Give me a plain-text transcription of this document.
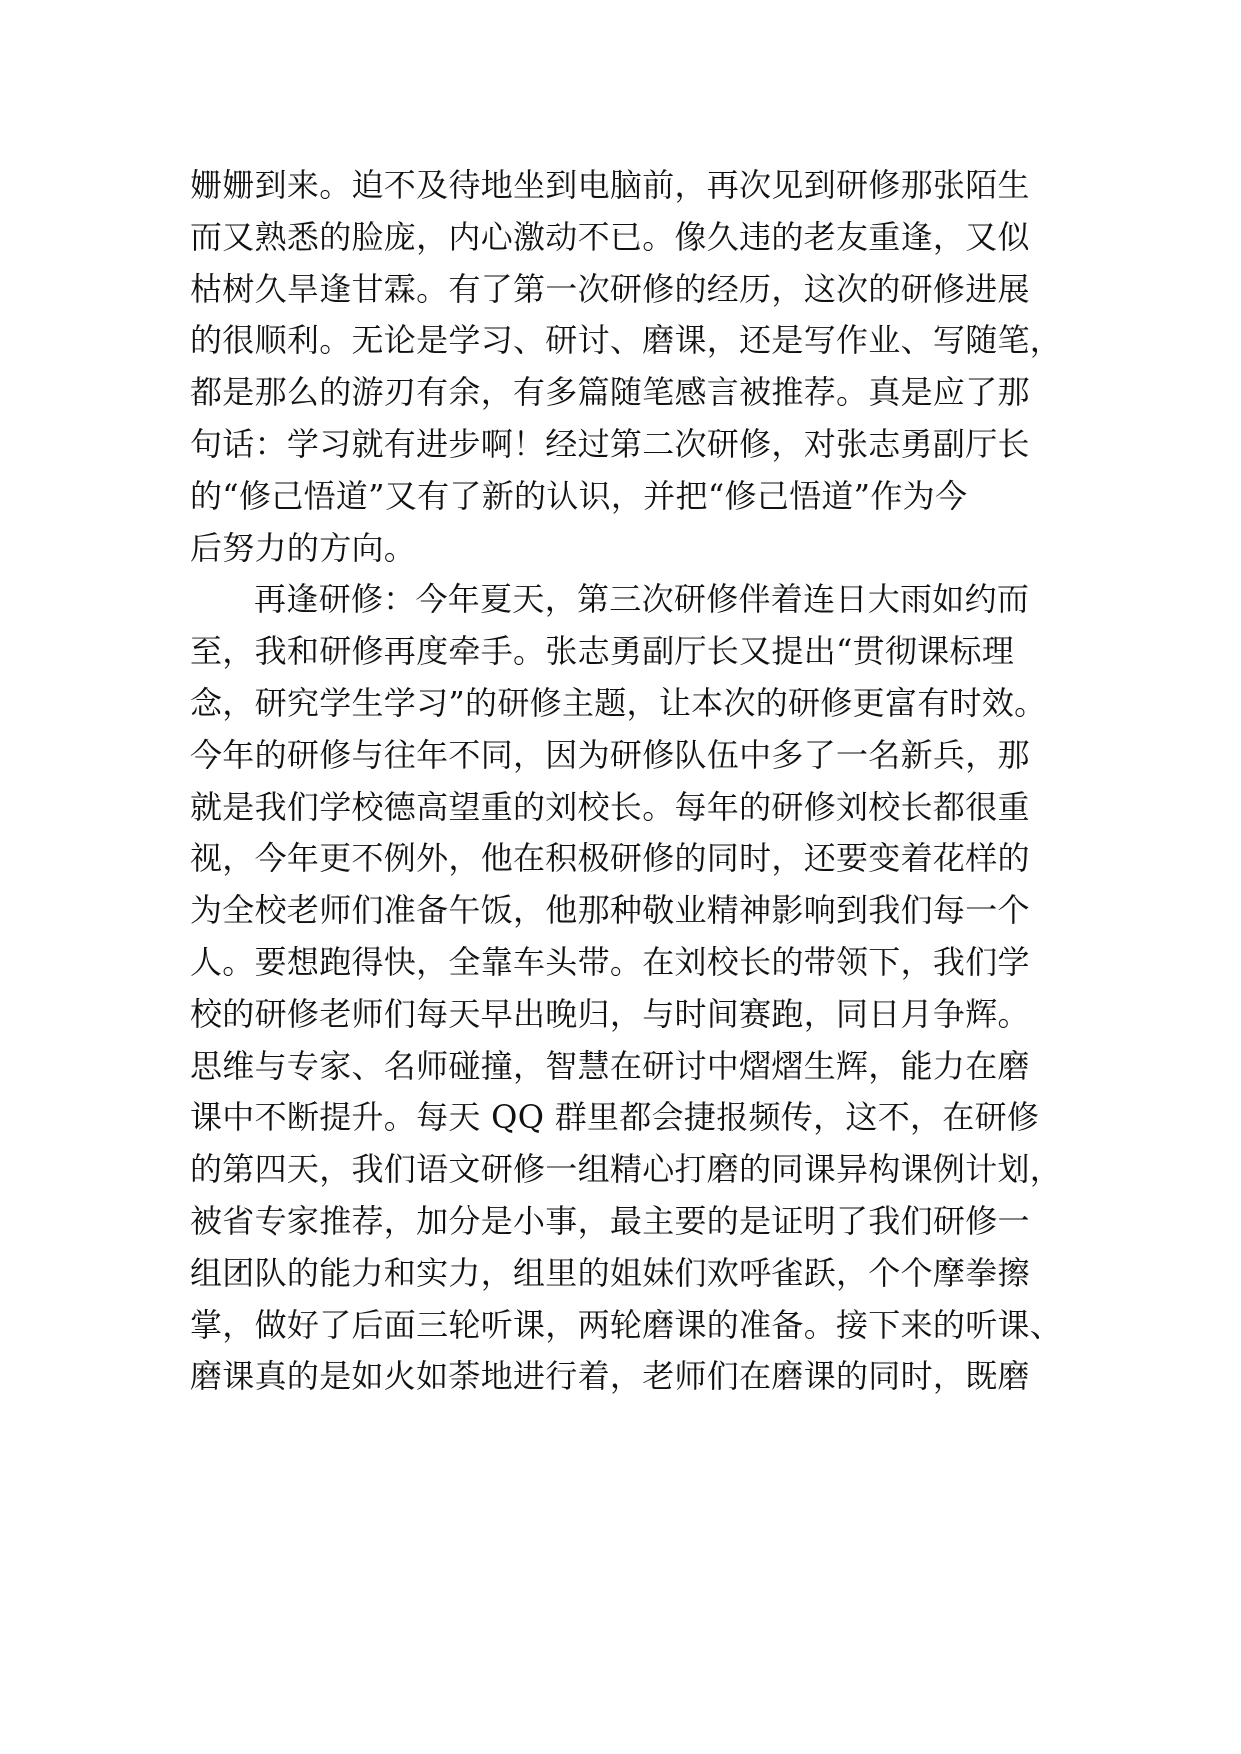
姗姗到来。迫不及待地坐到电脑前，再次见到研修那张陌生
而又熟悉的脸庞，内心激动不已。像久违的老友重逢，又似
枯树久旱逢甘霖。有了第一次研修的经历，这次的研修进展
的很顺利。无论是学习、研讨、磨课，还是写作业、写随笔，
都是那么的游刃有余，有多篇随笔感言被推荐。真是应了那
句话：学习就有进步啊！经过第二次研修，对张志勇副厅长
的“修己悟道”又有了新的认识，并把“修己悟道”作为今
后努力的方向。
再逢研修：今年夏天，第三次研修伴着连日大雨如约而
至，我和研修再度牵手。张志勇副厅长又提出“贯彻课标理
念，研究学生学习”的研修主题，让本次的研修更富有时效。
今年的研修与往年不同，因为研修队伍中多了一名新兵，那
就是我们学校德高望重的刘校长。每年的研修刘校长都很重
视，今年更不例外，他在积极研修的同时，还要变着花样的
为全校老师们准备午饭，他那种敬业精神影响到我们每一个
人。要想跑得快，全靠车头带。在刘校长的带领下，我们学
校的研修老师们每天早出晚归，与时间赛跑，同日月争辉。
思维与专家、名师碰撞，智慧在研讨中熠熠生辉，能力在磨
课中不断提升。每天 QQ 群里都会捷报频传，这不，在研修
的第四天，我们语文研修一组精心打磨的同课异构课例计划，
被省专家推荐，加分是小事，最主要的是证明了我们研修一
组团队的能力和实力，组里的姐妹们欢呼雀跃，个个摩拳擦
掌，做好了后面三轮听课，两轮磨课的准备。接下来的听课、
磨课真的是如火如荼地进行着，老师们在磨课的同时，既磨
